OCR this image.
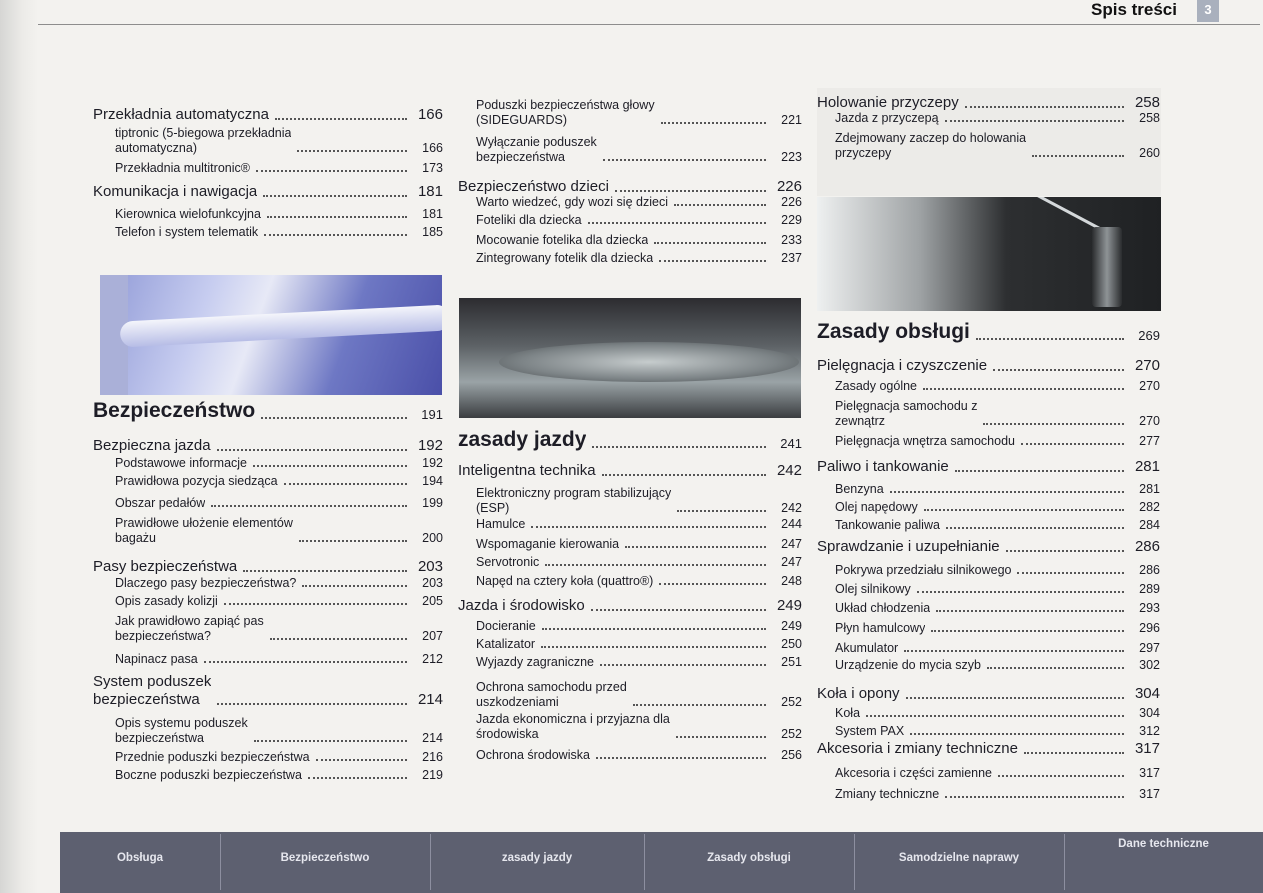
Spis treści	3
Przekładnia automatyczna	166
tiptronic (5-biegowa przekładnia
automatyczna)	166
Przekładnia multitronic®	173
Komunikacja i nawigacja	181
Kierownica wielofunkcyjna	181
Telefon i system telematik	185
Bezpieczeństwo	191
Bezpieczna jazda	192
Podstawowe informacje	192
Prawidłowa pozycja siedząca	194
Obszar pedałów	199
Prawidłowe ułożenie elementów
bagażu	200
Pasy bezpieczeństwa	203
Dlaczego pasy bezpieczeństwa?	203
Opis zasady kolizji	205
Jak prawidłowo zapiąć pas
bezpieczeństwa?	207
Napinacz pasa	212
System poduszek
bezpieczeństwa	214
Opis systemu poduszek
bezpieczeństwa	214
Przednie poduszki bezpieczeństwa	216
Boczne poduszki bezpieczeństwa	219
Poduszki bezpieczeństwa głowy
(SIDEGUARDS)	221
Wyłączanie poduszek
bezpieczeństwa	223
Bezpieczeństwo dzieci	226
Warto wiedzeć, gdy wozi się dzieci	226
Foteliki dla dziecka	229
Mocowanie fotelika dla dziecka	233
Zintegrowany fotelik dla dziecka	237
zasady jazdy	241
Inteligentna technika	242
Elektroniczny program stabilizujący
(ESP)	242
Hamulce	244
Wspomaganie kierowania	247
Servotronic	247
Napęd na cztery koła (quattro®)	248
Jazda i środowisko	249
Docieranie	249
Katalizator	250
Wyjazdy zagraniczne	251
Ochrona samochodu przed
uszkodzeniami	252
Jazda ekonomiczna i przyjazna dla
środowiska	252
Ochrona środowiska	256
Holowanie przyczepy	258
Jazda z przyczepą	258
Zdejmowany zaczep do holowania
przyczepy	260
Zasady obsługi	269
Pielęgnacja i czyszczenie	270
Zasady ogólne	270
Pielęgnacja samochodu z
zewnątrz	270
Pielęgnacja wnętrza samochodu	277
Paliwo i tankowanie	281
Benzyna	281
Olej napędowy	282
Tankowanie paliwa	284
Sprawdzanie i uzupełnianie	286
Pokrywa przedziału silnikowego	286
Olej silnikowy	289
Układ chłodzenia	293
Płyn hamulcowy	296
Akumulator	297
Urządzenie do mycia szyb	302
Koła i opony	304
Koła	304
System PAX	312
Akcesoria i zmiany techniczne	317
Akcesoria i części zamienne	317
Zmiany techniczne	317
Obsługa	Bezpieczeństwo	zasady jazdy	Zasady obsługi	Samodzielne naprawy
Dane techniczne
